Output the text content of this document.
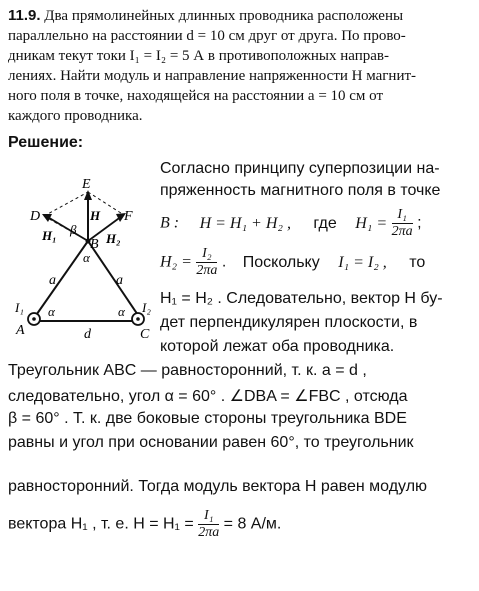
11.9. Два прямолинейных длинных проводника расположены
параллельно на расстоянии d = 10 см друг от друга. По прово-
дникам текут токи I₁ = I₂ = 5 А в противоположных направ-
лениях. Найти модуль и направление напряженности H магнит-
ного поля в точке, находящейся на расстоянии a = 10 см от
каждого проводника.
Решение:
E
D	F
H
H₁	H₂
β
B
α
a	a
I₁	I₂
A	C
α	α
d
Согласно принципу суперпозиции на-
пряженность магнитного поля в точке
B : H = H₁ + H₂ , где $H_1 = \frac{\text{I₁}}{2\pi a}$ ;
$H_2 = \frac{\text{I₂}}{2\pi a}$ . Поскольку I₁ = I₂ , то
H₁ = H₂ . Следовательно, вектор H бу-
дет перпендикулярен плоскости, в
которой лежат оба проводника.
Треугольник ABC — равносторонний, т. к. a = d ,
следовательно, угол α = 60° . ∠DBA = ∠FBC , отсюда
β = 60° . Т. к. две боковые стороны треугольника BDE
равны и угол при основании равен 60°, то треугольник
равносторонний. Тогда модуль вектора H равен модулю
вектора H₁ , т. е. $H = H_1 = \frac{\text{I₁}}{2\pi a} = 8$ А/м.
